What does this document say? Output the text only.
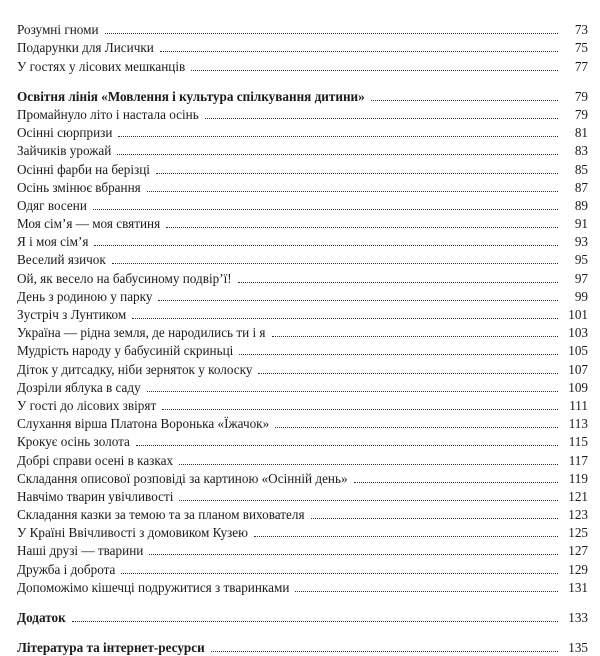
Розумні гноми	73
Подарунки для Лисички	75
У гостях у лісових мешканців	77
Освітня лінія «Мовлення і культура спілкування дитини»	79
Промайнуло літо і настала осінь	79
Осінні сюрпризи	81
Зайчиків урожай	83
Осінні фарби на берізці	85
Осінь змінює вбрання	87
Одяг восени	89
Моя сім’я — моя святиня	91
Я і моя сім’я	93
Веселий язичок	95
Ой, як весело на бабусиному подвір’ї!	97
День з родиною у парку	99
Зустріч з Лунтиком	101
Україна — рідна земля, де народились ти і я	103
Мудрість народу у бабусиній скриньці	105
Діток у дитсадку, ніби зерняток у колоску	107
Дозріли яблука в саду	109
У гості до лісових звірят	111
Слухання вірша Платона Воронька «Їжачок»	113
Крокує осінь золота	115
Добрі справи осені в казках	117
Складання описової розповіді за картиною «Осінній день»	119
Навчімо тварин увічливості	121
Складання казки за темою та за планом вихователя	123
У Країні Ввічливості з домовиком Кузею	125
Наші друзі — тварини	127
Дружба і доброта	129
Допоможімо кішечці подружитися з тваринками	131
Додаток	133
Література та інтернет-ресурси	135
